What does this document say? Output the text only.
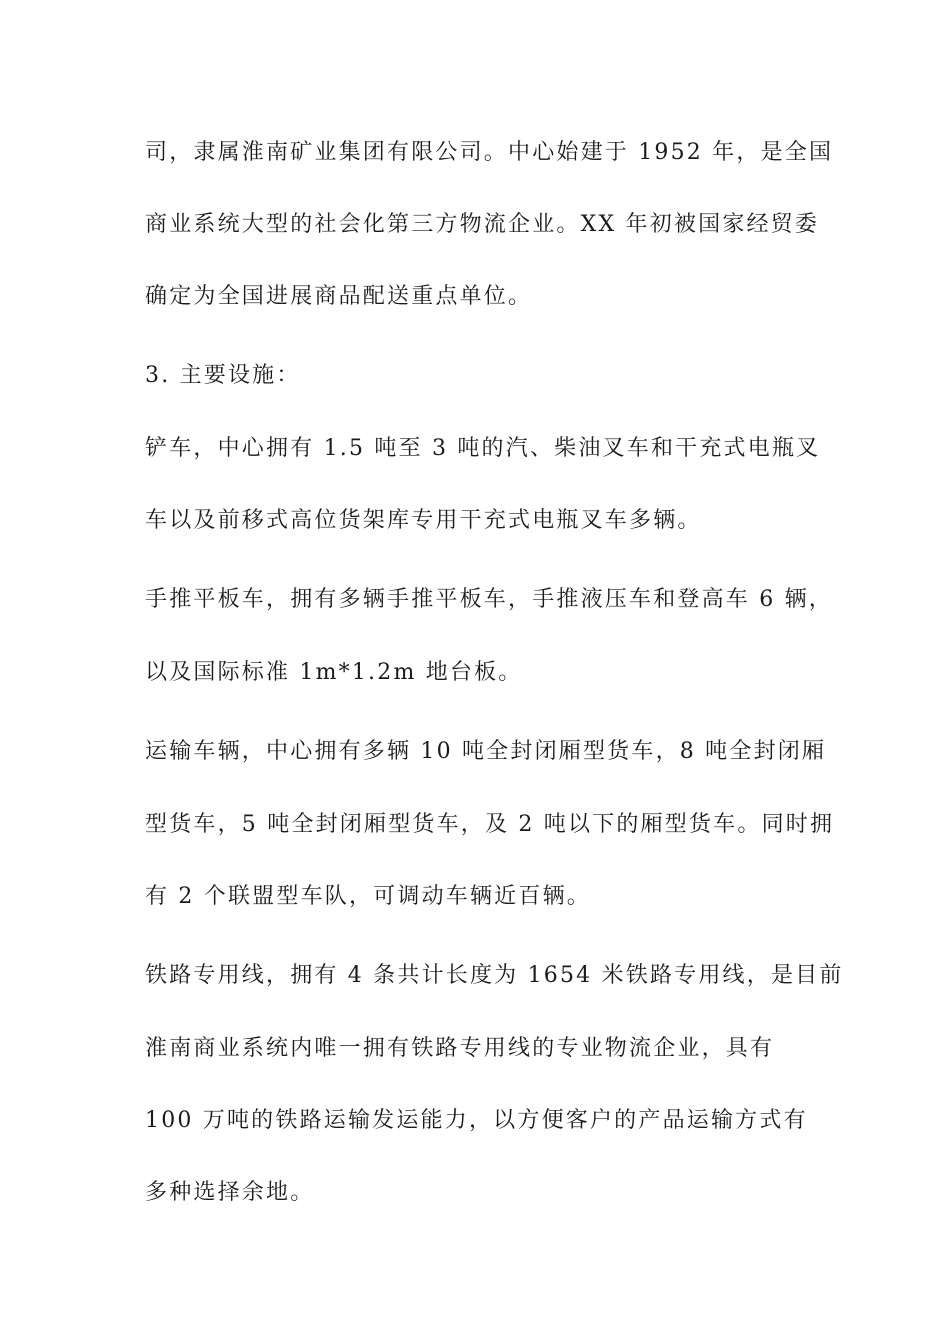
司，隶属淮南矿业集团有限公司。中心始建于 1952 年，是全国
商业系统大型的社会化第三方物流企业。XX 年初被国家经贸委
确定为全国进展商品配送重点单位。
3. 主要设施：
铲车，中心拥有 1.5 吨至 3 吨的汽、柴油叉车和干充式电瓶叉
车以及前移式高位货架库专用干充式电瓶叉车多辆。
手推平板车，拥有多辆手推平板车，手推液压车和登高车 6 辆，
以及国际标准 1m*1.2m 地台板。
运输车辆，中心拥有多辆 10 吨全封闭厢型货车，8 吨全封闭厢
型货车，5 吨全封闭厢型货车，及 2 吨以下的厢型货车。同时拥
有 2 个联盟型车队，可调动车辆近百辆。
铁路专用线，拥有 4 条共计长度为 1654 米铁路专用线，是目前
淮南商业系统内唯一拥有铁路专用线的专业物流企业，具有
100 万吨的铁路运输发运能力，以方便客户的产品运输方式有
多种选择余地。
